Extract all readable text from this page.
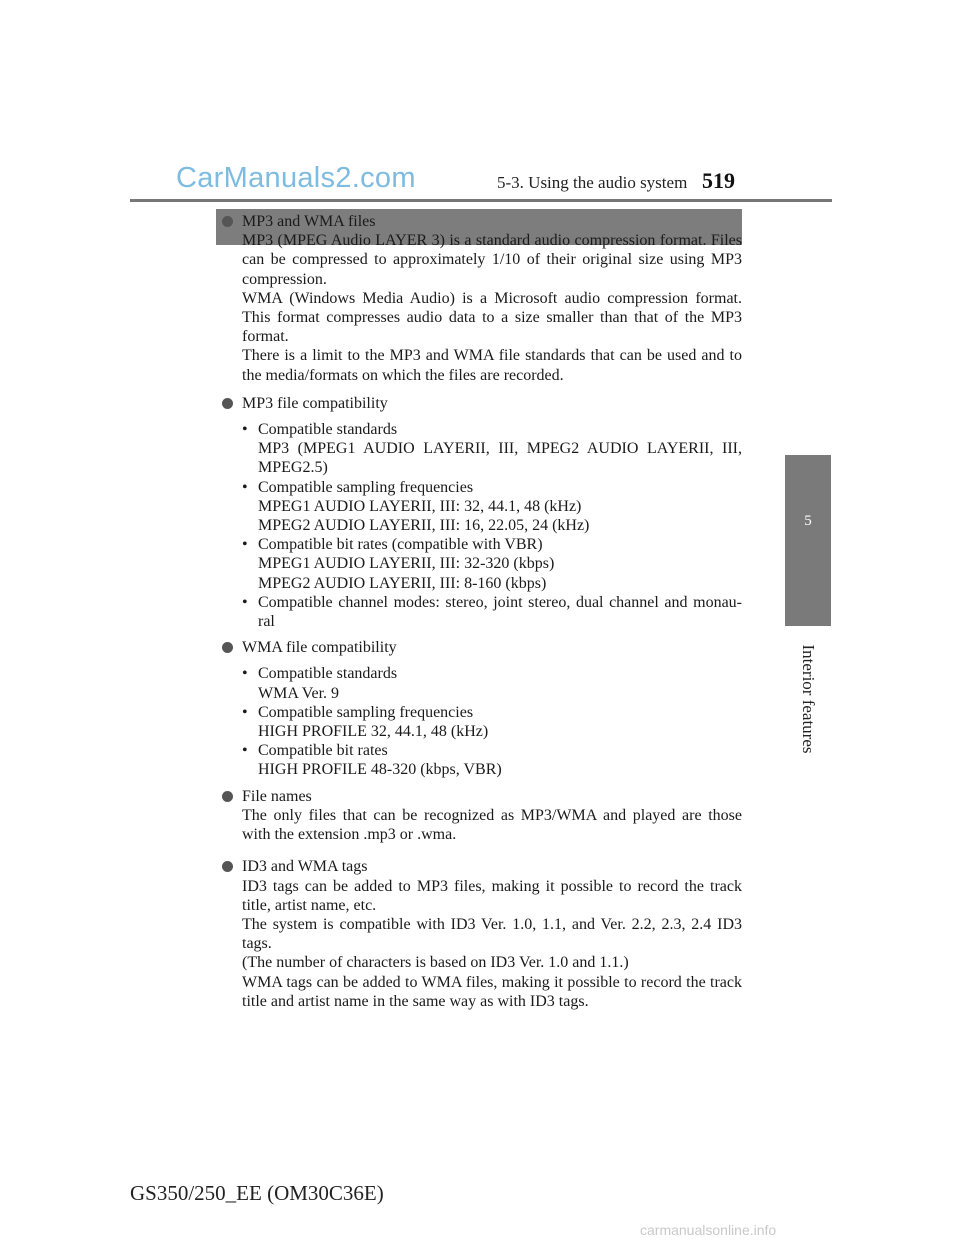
CarManuals2.com	5-3. Using the audio system 519
5
Interior features

MP3 and WMA files

MP3 (MPEG Audio LAYER 3) is a standard audio compression format. Files can be compressed to approximately 1/10 of their original size using MP3 compression.

WMA (Windows Media Audio) is a Microsoft audio compression format. This format compresses audio data to a size smaller than that of the MP3 format.

There is a limit to the MP3 and WMA file standards that can be used and to the media/formats on which the files are recorded.

MP3 file compatibility

• Compatible standards

MP3 (MPEG1 AUDIO LAYERII, III, MPEG2 AUDIO LAYERII, III, MPEG2.5)

• Compatible sampling frequencies

MPEG1 AUDIO LAYERII, III: 32, 44.1, 48 (kHz)

MPEG2 AUDIO LAYERII, III: 16, 22.05, 24 (kHz)

• Compatible bit rates (compatible with VBR)

MPEG1 AUDIO LAYERII, III: 32-320 (kbps)

MPEG2 AUDIO LAYERII, III: 8-160 (kbps)

• Compatible channel modes: stereo, joint stereo, dual channel and monau- ral

WMA file compatibility

• Compatible standards

WMA Ver. 9

• Compatible sampling frequencies

HIGH PROFILE 32, 44.1, 48 (kHz)

• Compatible bit rates

HIGH PROFILE 48-320 (kbps, VBR)

File names

The only files that can be recognized as MP3/WMA and played are those with the extension .mp3 or .wma.

ID3 and WMA tags

ID3 tags can be added to MP3 files, making it possible to record the track title, artist name, etc.

The system is compatible with ID3 Ver. 1.0, 1.1, and Ver. 2.2, 2.3, 2.4 ID3 tags.

(The number of characters is based on ID3 Ver. 1.0 and 1.1.)

WMA tags can be added to WMA files, making it possible to record the track title and artist name in the same way as with ID3 tags.

GS350/250_EE (OM30C36E)
carmanualsonline.info
